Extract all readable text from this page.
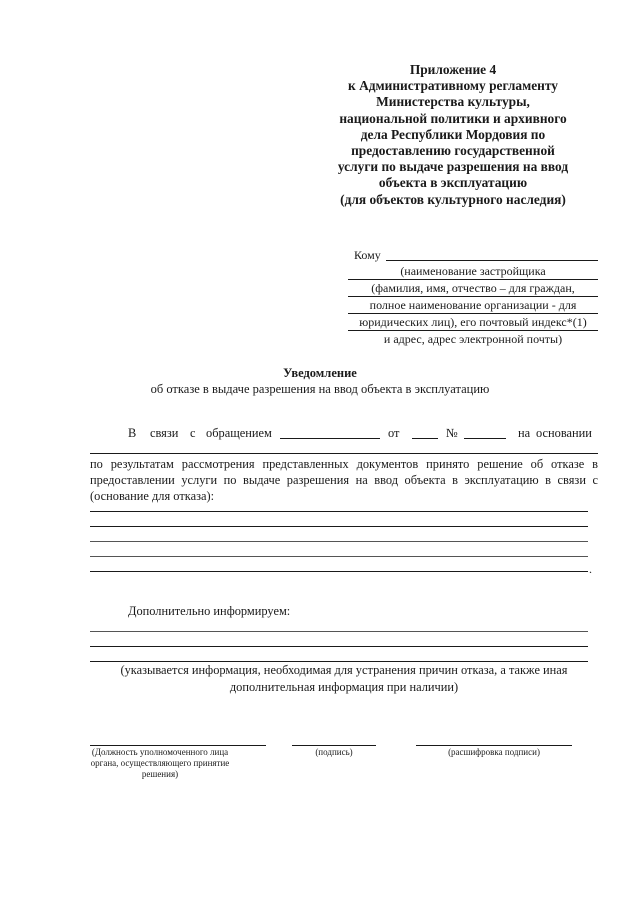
Приложение 4
к Административному регламенту
Министерства культуры,
национальной политики и архивного
дела Республики Мордовия по
предоставлению государственной
услуги по выдаче разрешения на ввод
объекта в эксплуатацию
(для объектов культурного наследия)
Кому
(наименование застройщика
(фамилия, имя, отчество – для граждан,
полное наименование организации - для
юридических лиц), его почтовый индекс*(1)
и адрес, адрес электронной почты)
Уведомление
об отказе в выдаче разрешения на ввод объекта в эксплуатацию
В связи с обращением	от	№	на основании
по результатам рассмотрения представленных документов принято решение об отказе в предоставлении услуги по выдаче разрешения на ввод объекта в эксплуатацию в связи с (основание для отказа):
.
Дополнительно информируем:
(указывается информация, необходимая для устранения причин отказа, а также иная дополнительная информация при наличии)
(Должность уполномоченного лица органа, осуществляющего принятие решения)
(подпись)	(расшифровка подписи)
